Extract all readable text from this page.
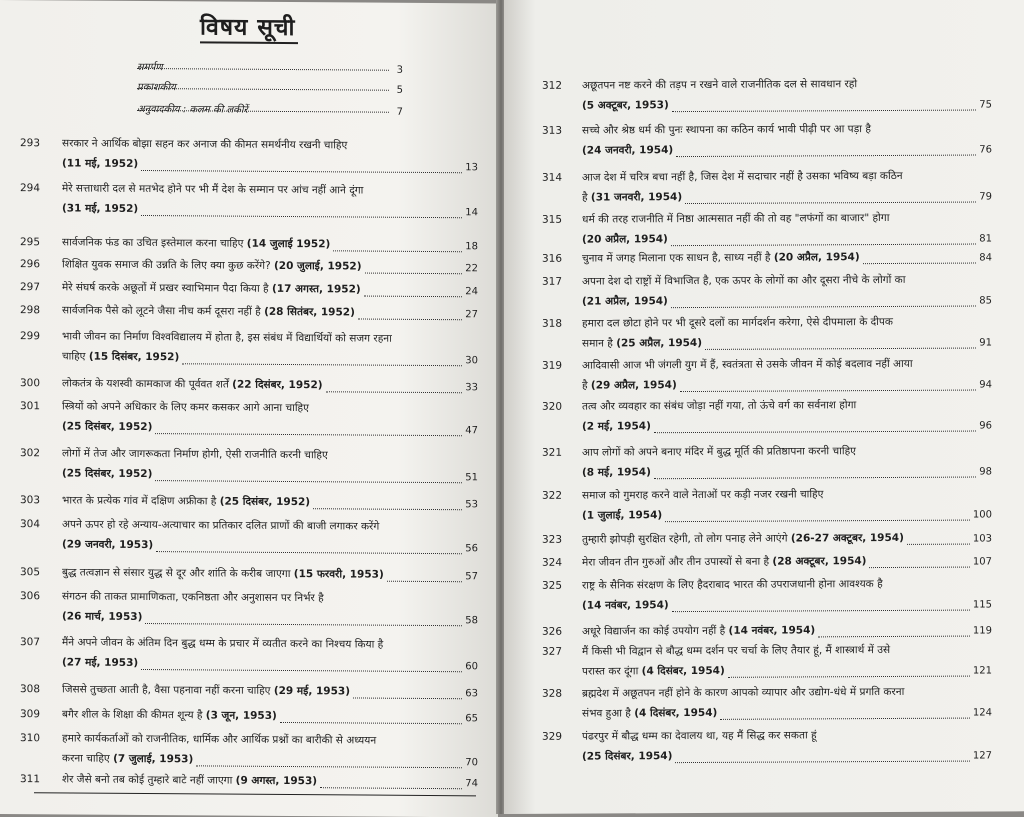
विषय सूची
समर्पण	3
प्रकाशकीय	5
अनुवादकीय : कलम की लकीरें	7
293 सरकार ने आर्थिक बोझा सहन कर अनाज की कीमत समर्थनीय रखनी चाहिए
(11 मई, 1952)	13
294 मेरे सत्ताधारी दल से मतभेद होने पर भी मैं देश के सम्मान पर आंच नहीं आने दूंगा
(31 मई, 1952)	14
295 सार्वजनिक फंड का उचित इस्तेमाल करना चाहिए (14 जुलाई 1952)	18
296 शिक्षित युवक समाज की उन्नति के लिए क्या कुछ करेंगे? (20 जुलाई, 1952)	22
297 मेरे संघर्ष करके अछूतों में प्रखर स्वाभिमान पैदा किया है (17 अगस्त, 1952)	24
298 सार्वजनिक पैसे को लूटने जैसा नीच कर्म दूसरा नहीं है (28 सितंबर, 1952)	27
299 भावी जीवन का निर्माण विश्वविद्यालय में होता है, इस संबंध में विद्यार्थियों को सजग रहना
चाहिए (15 दिसंबर, 1952)	30
300 लोकतंत्र के यशस्वी कामकाज की पूर्ववत शर्तें (22 दिसंबर, 1952)	33
301 स्त्रियों को अपने अधिकार के लिए कमर कसकर आगे आना चाहिए
(25 दिसंबर, 1952)	47
302 लोगों में तेज और जागरूकता निर्माण होगी, ऐसी राजनीति करनी चाहिए
(25 दिसंबर, 1952)	51
303 भारत के प्रत्येक गांव में दक्षिण अफ्रीका है (25 दिसंबर, 1952)	53
304 अपने ऊपर हो रहे अन्याय-अत्याचार का प्रतिकार दलित प्राणों की बाजी लगाकर करेंगे
(29 जनवरी, 1953)	56
305 बुद्ध तत्वज्ञान से संसार युद्ध से दूर और शांति के करीब जाएगा (15 फरवरी, 1953)	57
306 संगठन की ताकत प्रामाणिकता, एकनिष्ठता और अनुशासन पर निर्भर है
(26 मार्च, 1953)	58
307 मैंने अपने जीवन के अंतिम दिन बुद्ध धम्म के प्रचार में व्यतीत करने का निश्चय किया है
(27 मई, 1953)	60
308 जिससे तुच्छता आती है, वैसा पहनावा नहीं करना चाहिए (29 मई, 1953)	63
309 बगैर शील के शिक्षा की कीमत शून्य है (3 जून, 1953)	65
310 हमारे कार्यकर्ताओं को राजनीतिक, धार्मिक और आर्थिक प्रश्नों का बारीकी से अध्ययन
करना चाहिए (7 जुलाई, 1953)	70
311 शेर जैसे बनो तब कोई तुम्हारे बाटे नहीं जाएगा (9 अगस्त, 1953)	74
312 अछूतपन नष्ट करने की तड़प न रखने वाले राजनीतिक दल से सावधान रहो
(5 अक्टूबर, 1953)	75
313 सच्चे और श्रेष्ठ धर्म की पुनः स्थापना का कठिन कार्य भावी पीढ़ी पर आ पड़ा है
(24 जनवरी, 1954)	76
314 आज देश में चरित्र बचा नहीं है, जिस देश में सदाचार नहीं है उसका भविष्य बड़ा कठिन
है (31 जनवरी, 1954)	79
315 धर्म की तरह राजनीति में निष्ठा आत्मसात नहीं की तो वह "लफंगों का बाजार" होगा
(20 अप्रैल, 1954)	81
316 चुनाव में जगह मिलाना एक साधन है, साध्य नहीं है (20 अप्रैल, 1954)	84
317 अपना देश दो राष्ट्रों में विभाजित है, एक ऊपर के लोगों का और दूसरा नीचे के लोगों का
(21 अप्रैल, 1954)	85
318 हमारा दल छोटा होने पर भी दूसरे दलों का मार्गदर्शन करेगा, ऐसे दीपमाला के दीपक
समान है (25 अप्रैल, 1954)	91
319 आदिवासी आज भी जंगली युग में हैं, स्वतंत्रता से उसके जीवन में कोई बदलाव नहीं आया
है (29 अप्रैल, 1954)	94
320 तत्व और व्यवहार का संबंध जोड़ा नहीं गया, तो ऊंचे वर्ग का सर्वनाश होगा
(2 मई, 1954)	96
321 आप लोगों को अपने बनाए मंदिर में बुद्ध मूर्ति की प्रतिष्ठापना करनी चाहिए
(8 मई, 1954)	98
322 समाज को गुमराह करने वाले नेताओं पर कड़ी नजर रखनी चाहिए
(1 जुलाई, 1954)	100
323 तुम्हारी झोपड़ी सुरक्षित रहेगी, तो लोग पनाह लेने आएंगे (26-27 अक्टूबर, 1954)	103
324 मेरा जीवन तीन गुरुओं और तीन उपास्यों से बना है (28 अक्टूबर, 1954)	107
325 राष्ट्र के सैनिक संरक्षण के लिए हैदराबाद भारत की उपराजधानी होना आवश्यक है
(14 नवंबर, 1954)	115
326 अधूरे विद्यार्जन का कोई उपयोग नहीं है (14 नवंबर, 1954)	119
327 मैं किसी भी विद्वान से बौद्ध धम्म दर्शन पर चर्चा के लिए तैयार हूं, मैं शास्त्रार्थ में उसे
परास्त कर दूंगा (4 दिसंबर, 1954)	121
328 ब्रह्मदेश में अछूतपन नहीं होने के कारण आपको व्यापार और उद्योग-धंधे में प्रगति करना
संभव हुआ है (4 दिसंबर, 1954)	124
329 पंढरपुर में बौद्ध धम्म का देवालय था, यह मैं सिद्ध कर सकता हूं
(25 दिसंबर, 1954)	127
